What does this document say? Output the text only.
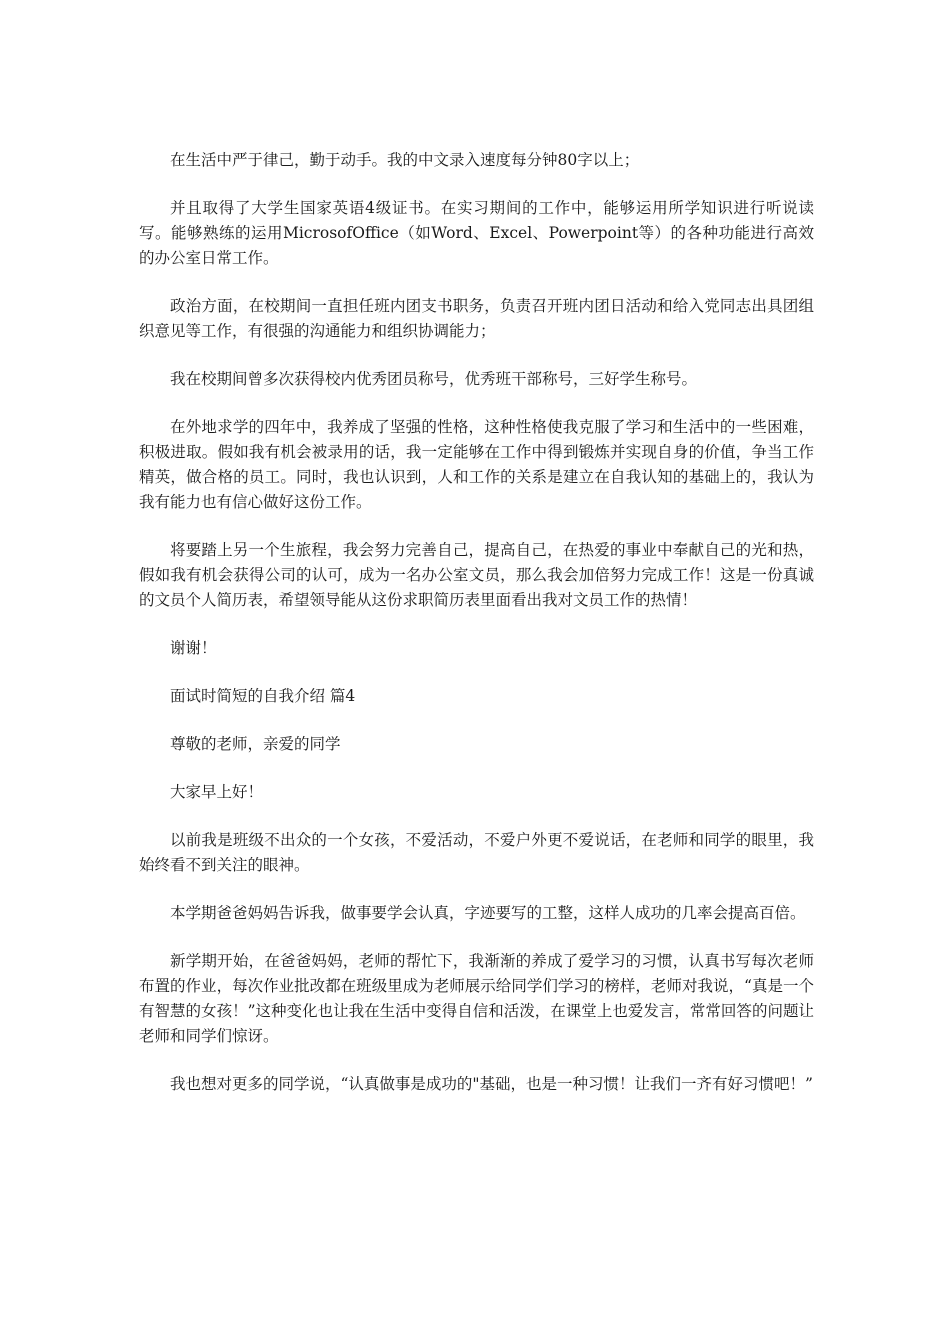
在生活中严于律己，勤于动手。我的中文录入速度每分钟80字以上；

并且取得了大学生国家英语4级证书。在实习期间的工作中，能够运用所学知识进行听说读写。能够熟练的运用MicrosofOffice（如Word、Excel、Powerpoint等）的各种功能进行高效的办公室日常工作。

政治方面，在校期间一直担任班内团支书职务，负责召开班内团日活动和给入党同志出具团组织意见等工作，有很强的沟通能力和组织协调能力；

我在校期间曾多次获得校内优秀团员称号，优秀班干部称号，三好学生称号。

在外地求学的四年中，我养成了坚强的性格，这种性格使我克服了学习和生活中的一些困难，积极进取。假如我有机会被录用的话，我一定能够在工作中得到锻炼并实现自身的价值，争当工作精英，做合格的员工。同时，我也认识到，人和工作的关系是建立在自我认知的基础上的，我认为我有能力也有信心做好这份工作。

将要踏上另一个生旅程，我会努力完善自己，提高自己，在热爱的事业中奉献自己的光和热，假如我有机会获得公司的认可，成为一名办公室文员，那么我会加倍努力完成工作！这是一份真诚的文员个人简历表，希望领导能从这份求职简历表里面看出我对文员工作的热情！

谢谢！

面试时简短的自我介绍 篇4

尊敬的老师，亲爱的同学

大家早上好！

以前我是班级不出众的一个女孩，不爱活动，不爱户外更不爱说话，在老师和同学的眼里，我始终看不到关注的眼神。

本学期爸爸妈妈告诉我，做事要学会认真，字迹要写的工整，这样人成功的几率会提高百倍。

新学期开始，在爸爸妈妈，老师的帮忙下，我渐渐的养成了爱学习的习惯，认真书写每次老师布置的作业，每次作业批改都在班级里成为老师展示给同学们学习的榜样，老师对我说，“真是一个有智慧的女孩！”这种变化也让我在生活中变得自信和活泼，在课堂上也爱发言，常常回答的问题让老师和同学们惊讶。

我也想对更多的同学说，“认真做事是成功的"基础，也是一种习惯！让我们一齐有好习惯吧！”
